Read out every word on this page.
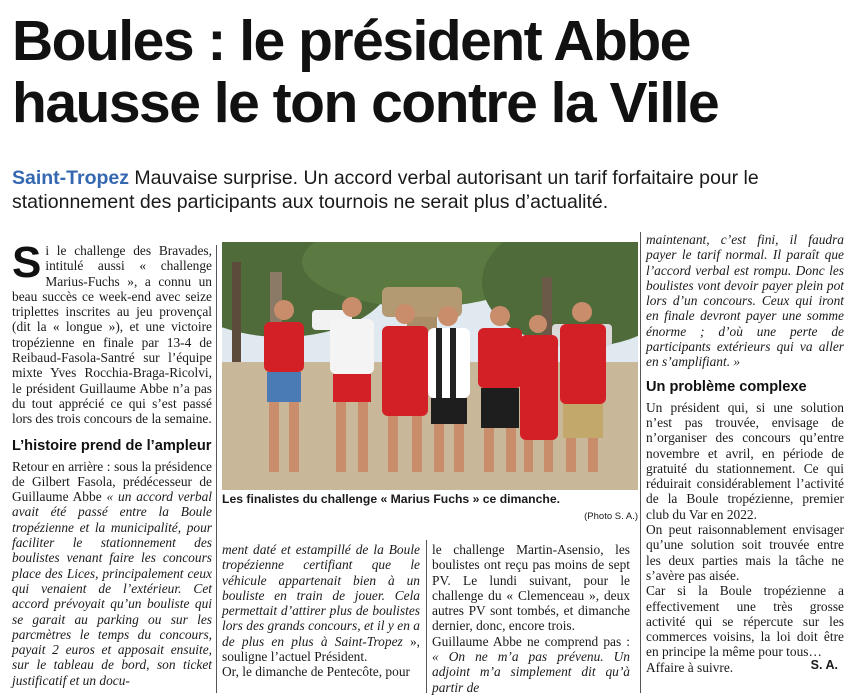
Boules : le président Abbe
hausse le ton contre la Ville
Saint-Tropez Mauvaise surprise. Un accord verbal autorisant un tarif forfaitaire pour le stationnement des participants aux tournois ne serait plus d’actualité.

Si le challenge des Bravades, intitulé aussi « challenge Marius-Fuchs », a connu un beau succès ce week-end avec seize triplettes inscrites au jeu provençal (dit la « longue »), et une victoire tropézienne en finale par 13-4 de Reibaud-Fasola-Santré sur l’équipe mixte Yves Rocchia-Braga-Ricolvi, le président Guillaume Abbe n’a pas du tout apprécié ce qui s’est passé lors des trois concours de la semaine.

L’histoire prend de l’ampleur

Retour en arrière : sous la présidence de Gilbert Fasola, prédécesseur de Guillaume Abbe « un accord verbal avait été passé entre la Boule tropézienne et la municipalité, pour faciliter le stationnement des boulistes venant faire les concours place des Lices, principalement ceux qui venaient de l’extérieur. Cet accord prévoyait qu’un bouliste qui se garait au parking ou sur les parcmètres le temps du concours, payait 2 euros et apposait ensuite, sur le tableau de bord, son ticket justificatif et un docu-

ment daté et estampillé de la Boule tropézienne certifiant que le véhicule appartenait bien à un bouliste en train de jouer. Cela permettait d’attirer plus de boulistes lors des grands concours, et il y en a de plus en plus à Saint-Tropez », souligne l’actuel Président.

Or, le dimanche de Pentecôte, pour

le challenge Martin-Asensio, les boulistes ont reçu pas moins de sept PV. Le lundi suivant, pour le challenge du « Clemenceau », deux autres PV sont tombés, et dimanche dernier, donc, encore trois.

Guillaume Abbe ne comprend pas : « On ne m’a pas prévenu. Un adjoint m’a simplement dit qu’à partir de

maintenant, c’est fini, il faudra payer le tarif normal. Il paraît que l’accord verbal est rompu. Donc les boulistes vont devoir payer plein pot lors d’un concours. Ceux qui iront en finale devront payer une somme énorme ; d’où une perte de participants extérieurs qui va aller en s’amplifiant. »

Un problème complexe

Un président qui, si une solution n’est pas trouvée, envisage de n’organiser des concours qu’entre novembre et avril, en période de gratuité du stationnement. Ce qui réduirait considérablement l’activité de la Boule tropézienne, premier club du Var en 2022.

On peut raisonnablement envisager qu’une solution soit trouvée entre les deux parties mais la tâche ne s’avère pas aisée.

Car si la Boule tropézienne a effectivement une très grosse activité qui se répercute sur les commerces voisins, la loi doit être en principe la même pour tous…

Affaire à suivre.

Les finalistes du challenge « Marius Fuchs » ce dimanche.
(Photo S. A.)
S. A.
